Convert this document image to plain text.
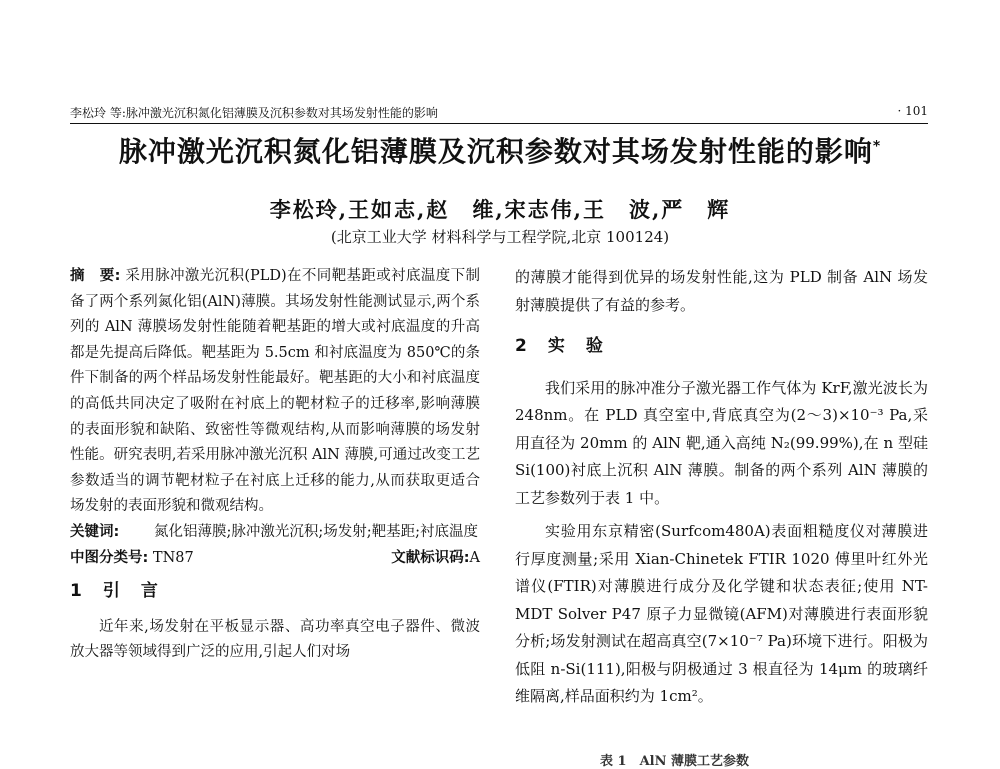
李松玲 等:脉冲激光沉积氮化铝薄膜及沉积参数对其场发射性能的影响	· 101
脉冲激光沉积氮化铝薄膜及沉积参数对其场发射性能的影响*
李松玲,王如志,赵　维,宋志伟,王　波,严　辉
(北京工业大学 材料科学与工程学院,北京 100124)

摘　要: 采用脉冲激光沉积(PLD)在不同靶基距或衬底温度下制备了两个系列氮化铝(AlN)薄膜。其场发射性能测试显示,两个系列的 AlN 薄膜场发射性能随着靶基距的增大或衬底温度的升高都是先提高后降低。靶基距为 5.5cm 和衬底温度为 850℃的条件下制备的两个样品场发射性能最好。靶基距的大小和衬底温度的高低共同决定了吸附在衬底上的靶材粒子的迁移率,影响薄膜的表面形貌和缺陷、致密性等微观结构,从而影响薄膜的场发射性能。研究表明,若采用脉冲激光沉积 AlN 薄膜,可通过改变工艺参数适当的调节靶材粒子在衬底上迁移的能力,从而获取更适合场发射的表面形貌和微观结构。

关键词:	氮化铝薄膜;脉冲激光沉积;场发射;靶基距;衬底温度
中图分类号: TN87	文献标识码:A
1　引　言

近年来,场发射在平板显示器、高功率真空电子器件、微波放大器等领域得到广泛的应用,引起人们对场

的薄膜才能得到优异的场发射性能,这为 PLD 制备 AlN 场发射薄膜提供了有益的参考。

2　实　验

我们采用的脉冲准分子激光器工作气体为 KrF,激光波长为 248nm。在 PLD 真空室中,背底真空为(2～3)×10⁻³ Pa,采用直径为 20mm 的 AlN 靶,通入高纯 N₂(99.99%),在 n 型硅 Si(100)衬底上沉积 AlN 薄膜。制备的两个系列 AlN 薄膜的工艺参数列于表 1 中。

实验用东京精密(Surfcom480A)表面粗糙度仪对薄膜进行厚度测量;采用 Xian-Chinetek FTIR 1020 傅里叶红外光谱仪(FTIR)对薄膜进行成分及化学键和状态表征;使用 NT-MDT Solver P47 原子力显微镜(AFM)对薄膜进行表面形貌分析;场发射测试在超高真空(7×10⁻⁷ Pa)环境下进行。阳极为低阻 n-Si(111),阳极与阴极通过 3 根直径为 14μm 的玻璃纤维隔离,样品面积约为 1cm²。

表 1　AlN 薄膜工艺参数
